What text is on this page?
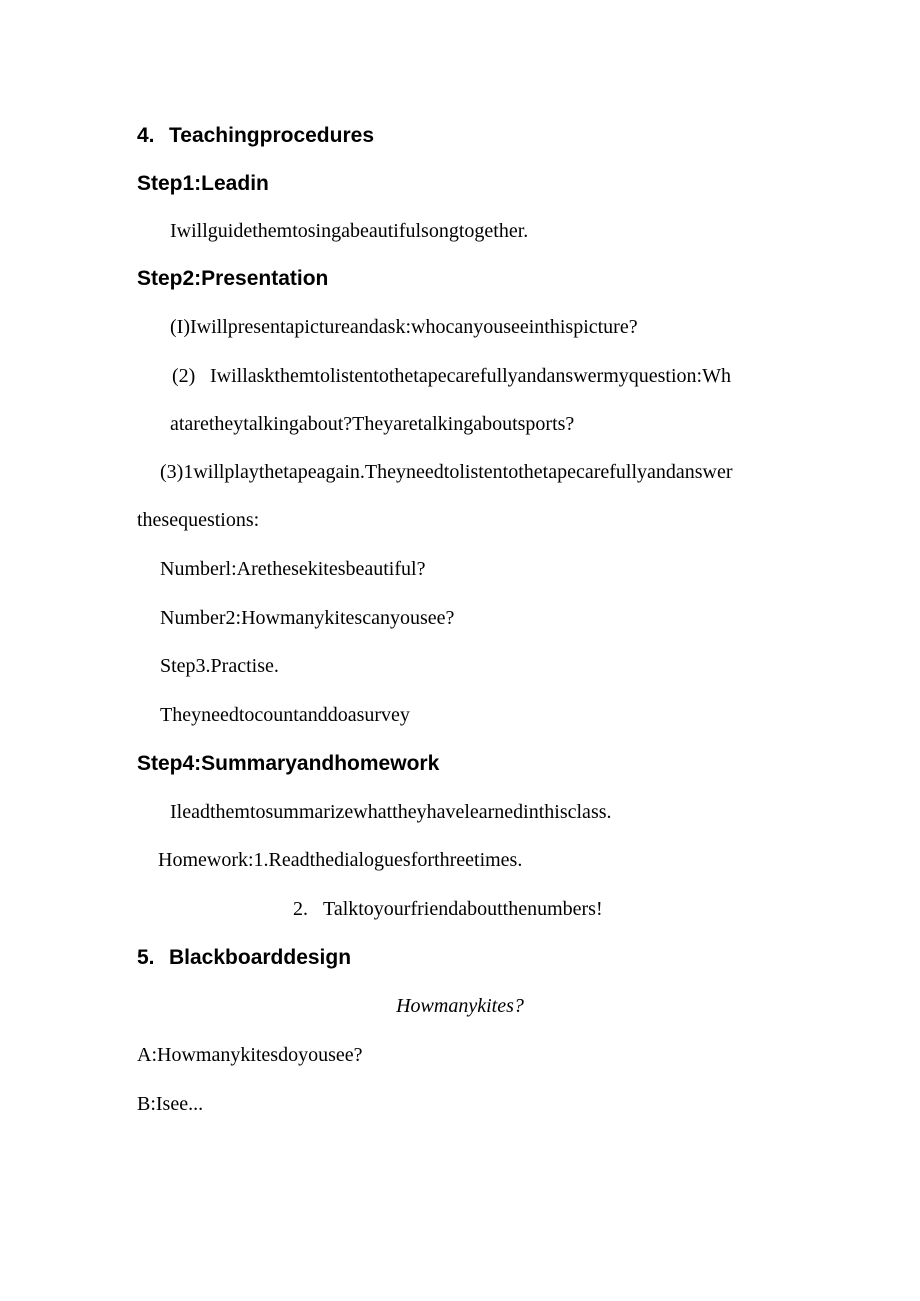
4. Teachingprocedures
Step1:Leadin
Iwillguidethemtosingabeautifulsongtogether.
Step2:Presentation
(I)Iwillpresentapictureandask:whocanyouseeinthispicture?
(2) Iwillaskthemtolistentothetapecarefullyandanswermyquestion:Wh
ataretheytalkingabout?Theyaretalkingaboutsports?
(3)1willplaythetapeagain.Theyneedtolistentothetapecarefullyandanswer
thesequestions:
Numberl:Arethesekitesbeautiful?
Number2:Howmanykitescanyousee?
Step3.Practise.
Theyneedtocountanddoasurvey
Step4:Summaryandhomework
Ileadthemtosummarizewhattheyhavelearnedinthisclass.
Homework:1.Readthedialoguesforthreetimes.
2. Talktoyourfriendaboutthenumbers!
5. Blackboarddesign
Howmanykites?
A:Howmanykitesdoyousee?
B:Isee...
